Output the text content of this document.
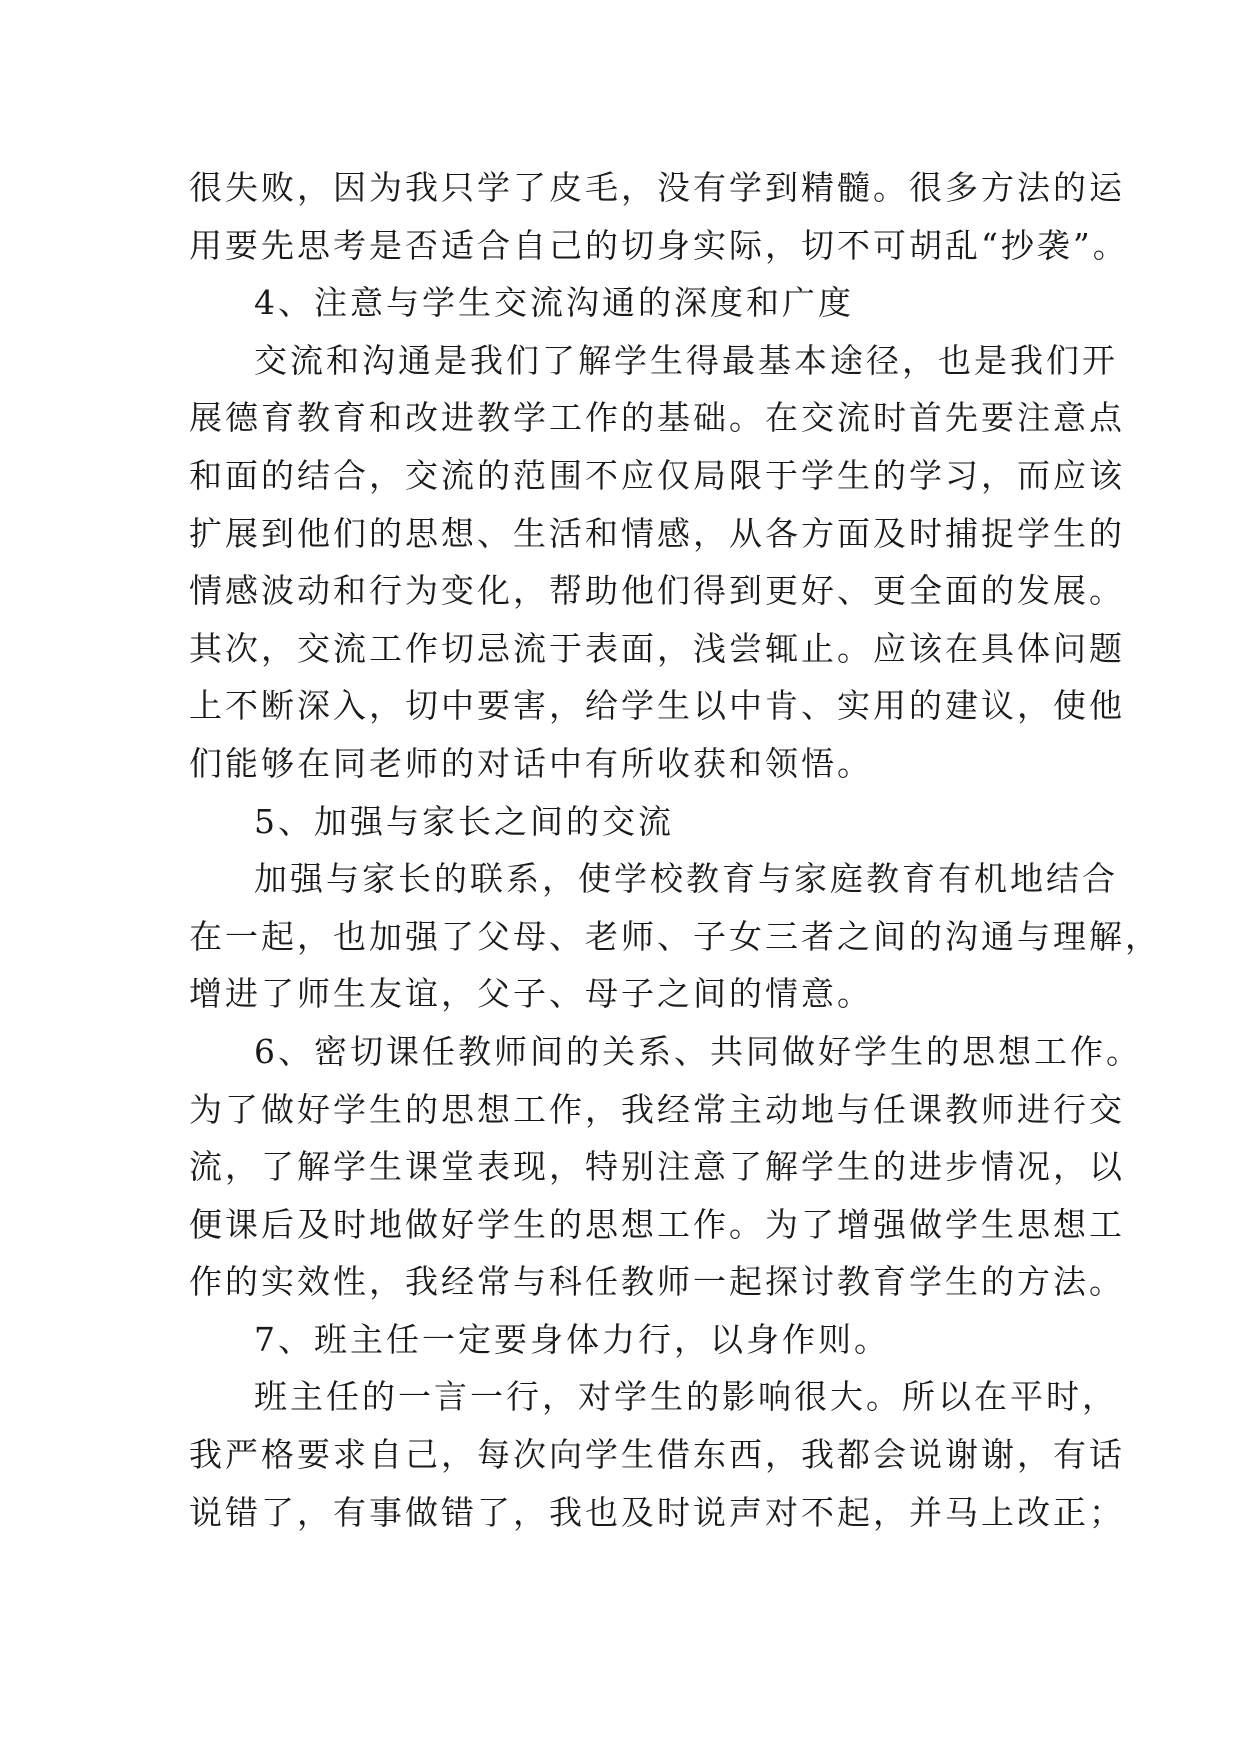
很失败，因为我只学了皮毛，没有学到精髓。很多方法的运
用要先思考是否适合自己的切身实际，切不可胡乱“抄袭”。
4、注意与学生交流沟通的深度和广度
交流和沟通是我们了解学生得最基本途径，也是我们开
展德育教育和改进教学工作的基础。在交流时首先要注意点
和面的结合，交流的范围不应仅局限于学生的学习，而应该
扩展到他们的思想、生活和情感，从各方面及时捕捉学生的
情感波动和行为变化，帮助他们得到更好、更全面的发展。
其次，交流工作切忌流于表面，浅尝辄止。应该在具体问题
上不断深入，切中要害，给学生以中肯、实用的建议，使他
们能够在同老师的对话中有所收获和领悟。
5、加强与家长之间的交流
加强与家长的联系，使学校教育与家庭教育有机地结合
在一起，也加强了父母、老师、子女三者之间的沟通与理解，
增进了师生友谊，父子、母子之间的情意。
6、密切课任教师间的关系、共同做好学生的思想工作。
为了做好学生的思想工作，我经常主动地与任课教师进行交
流，了解学生课堂表现，特别注意了解学生的进步情况，以
便课后及时地做好学生的思想工作。为了增强做学生思想工
作的实效性，我经常与科任教师一起探讨教育学生的方法。
7、班主任一定要身体力行，以身作则。
班主任的一言一行，对学生的影响很大。所以在平时，
我严格要求自己，每次向学生借东西，我都会说谢谢，有话
说错了，有事做错了，我也及时说声对不起，并马上改正；
